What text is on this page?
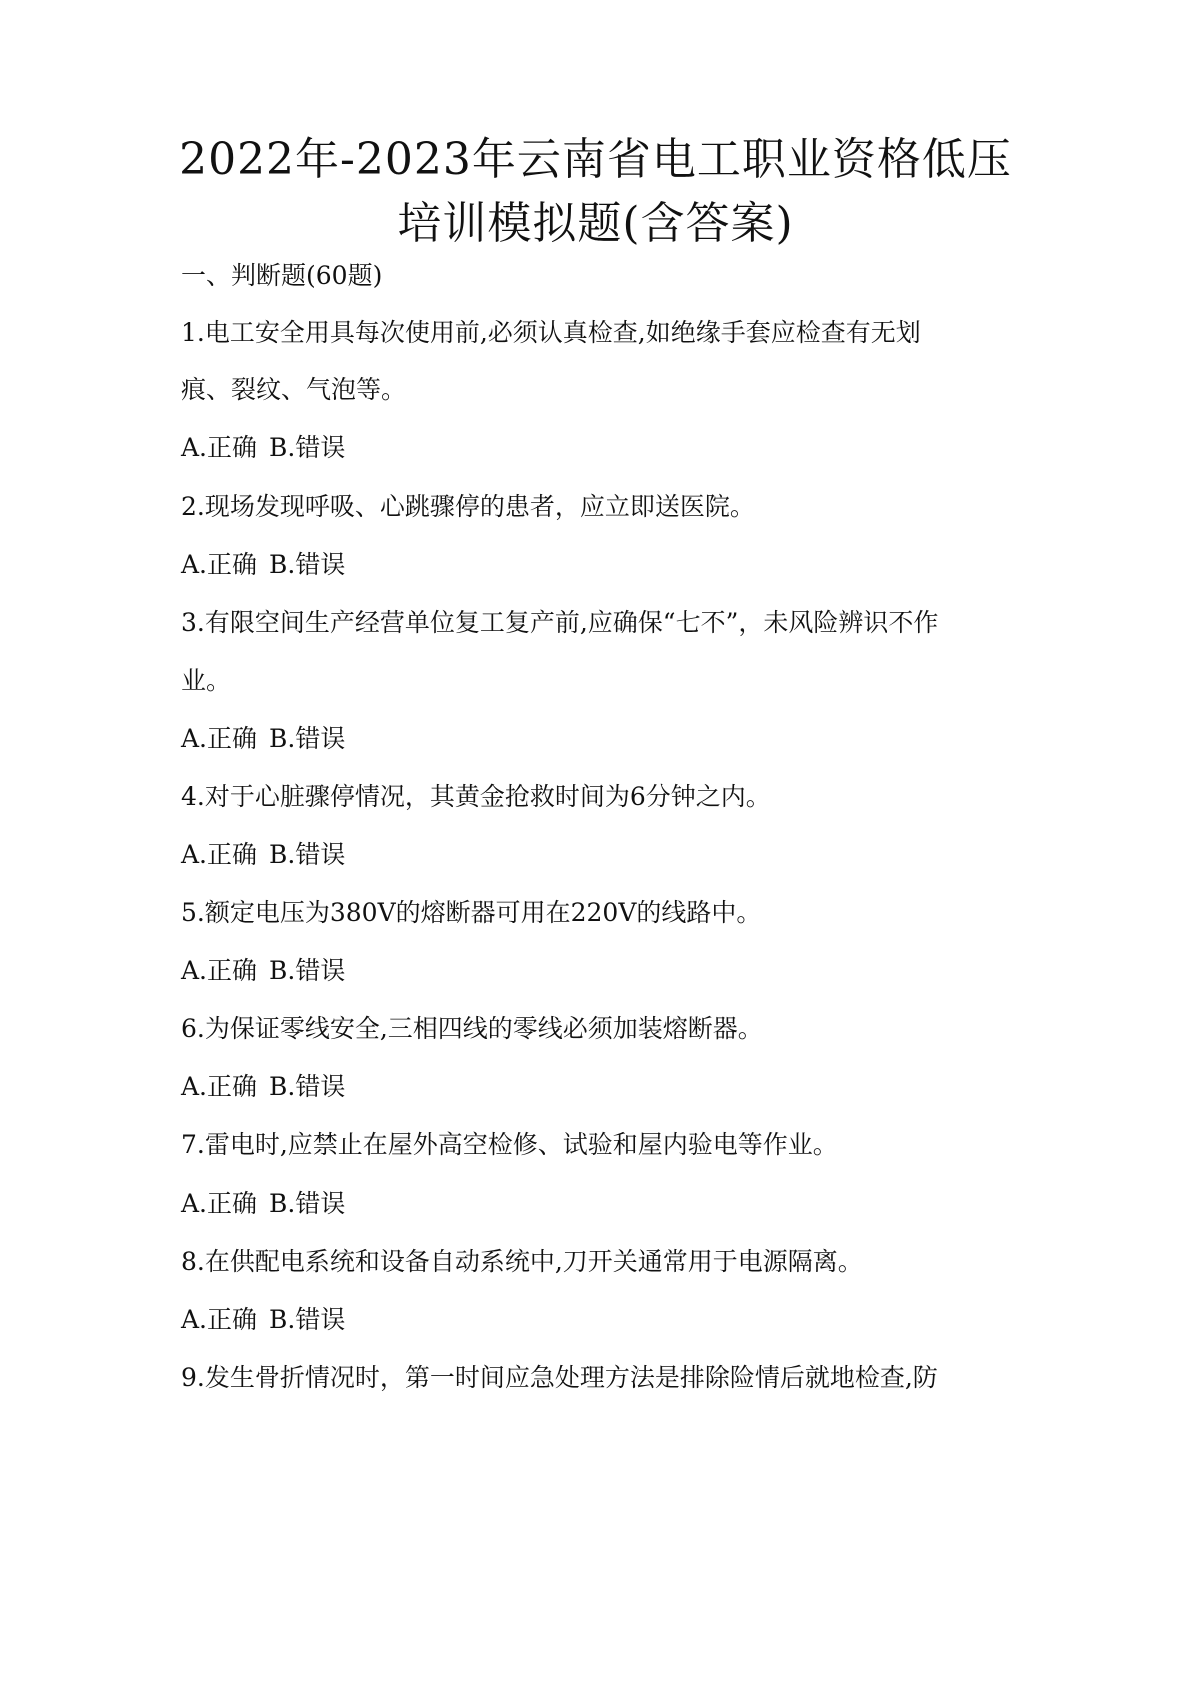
2022年-2023年云南省电工职业资格低压
培训模拟题(含答案)
一、判断题(60题)
1.电工安全用具每次使用前,必须认真检查,如绝缘手套应检查有无划
痕、裂纹、气泡等。
A.正确 B.错误
2.现场发现呼吸、心跳骤停的患者，应立即送医院。
A.正确 B.错误
3.有限空间生产经营单位复工复产前,应确保“七不”，未风险辨识不作
业。
A.正确 B.错误
4.对于心脏骤停情况，其黄金抢救时间为6分钟之内。
A.正确 B.错误
5.额定电压为380V的熔断器可用在220V的线路中。
A.正确 B.错误
6.为保证零线安全,三相四线的零线必须加装熔断器。
A.正确 B.错误
7.雷电时,应禁止在屋外高空检修、试验和屋内验电等作业。
A.正确 B.错误
8.在供配电系统和设备自动系统中,刀开关通常用于电源隔离。
A.正确 B.错误
9.发生骨折情况时，第一时间应急处理方法是排除险情后就地检查,防
